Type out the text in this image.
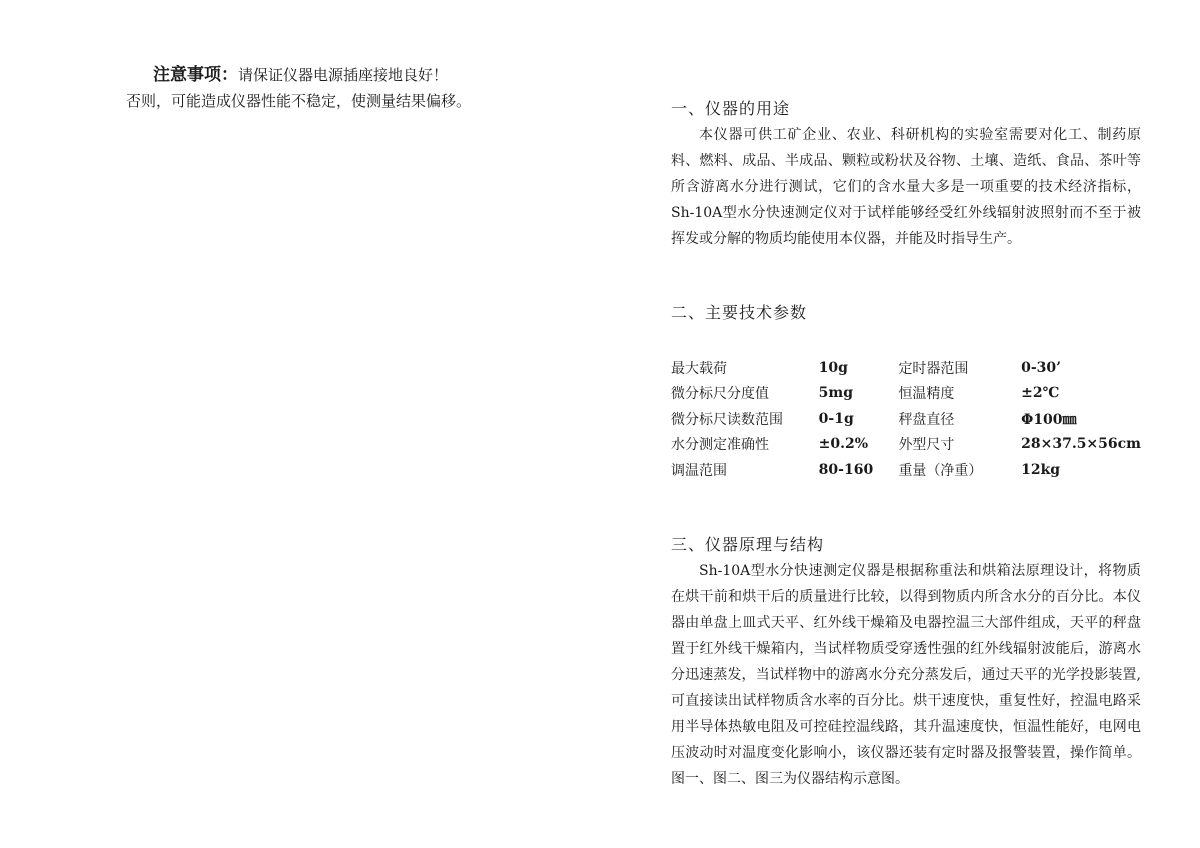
注意事项：请保证仪器电源插座接地良好！
否则，可能造成仪器性能不稳定，使测量结果偏移。	一、仪器的用途

本仪器可供工矿企业、农业、科研机构的实验室需要对化工、制药原料、燃料、成品、半成品、颗粒或粉状及谷物、土壤、造纸、食品、茶叶等所含游离水分进行测试，它们的含水量大多是一项重要的技术经济指标，Sh-10A型水分快速测定仪对于试样能够经受红外线辐射波照射而不至于被挥发或分解的物质均能使用本仪器，并能及时指导生产。

二、主要技术参数
最大载荷	10g	定时器范围	0-30’
微分标尺分度值	5mg	恒温精度	±2℃
微分标尺读数范围	0-1g	秤盘直径	Φ100㎜
水分测定准确性	±0.2%	外型尺寸	28×37.5×56cm
调温范围	80-160	重量（净重）	12kg
三、仪器原理与结构

Sh-10A型水分快速测定仪器是根据称重法和烘箱法原理设计，将物质在烘干前和烘干后的质量进行比较，以得到物质内所含水分的百分比。本仪器由单盘上皿式天平、红外线干燥箱及电器控温三大部件组成，天平的秤盘置于红外线干燥箱内，当试样物质受穿透性强的红外线辐射波能后，游离水分迅速蒸发，当试样物中的游离水分充分蒸发后，通过天平的光学投影装置,可直接读出试样物质含水率的百分比。烘干速度快，重复性好，控温电路采用半导体热敏电阻及可控硅控温线路，其升温速度快，恒温性能好，电网电压波动时对温度变化影响小，该仪器还装有定时器及报警装置，操作简单。图一、图二、图三为仪器结构示意图。
